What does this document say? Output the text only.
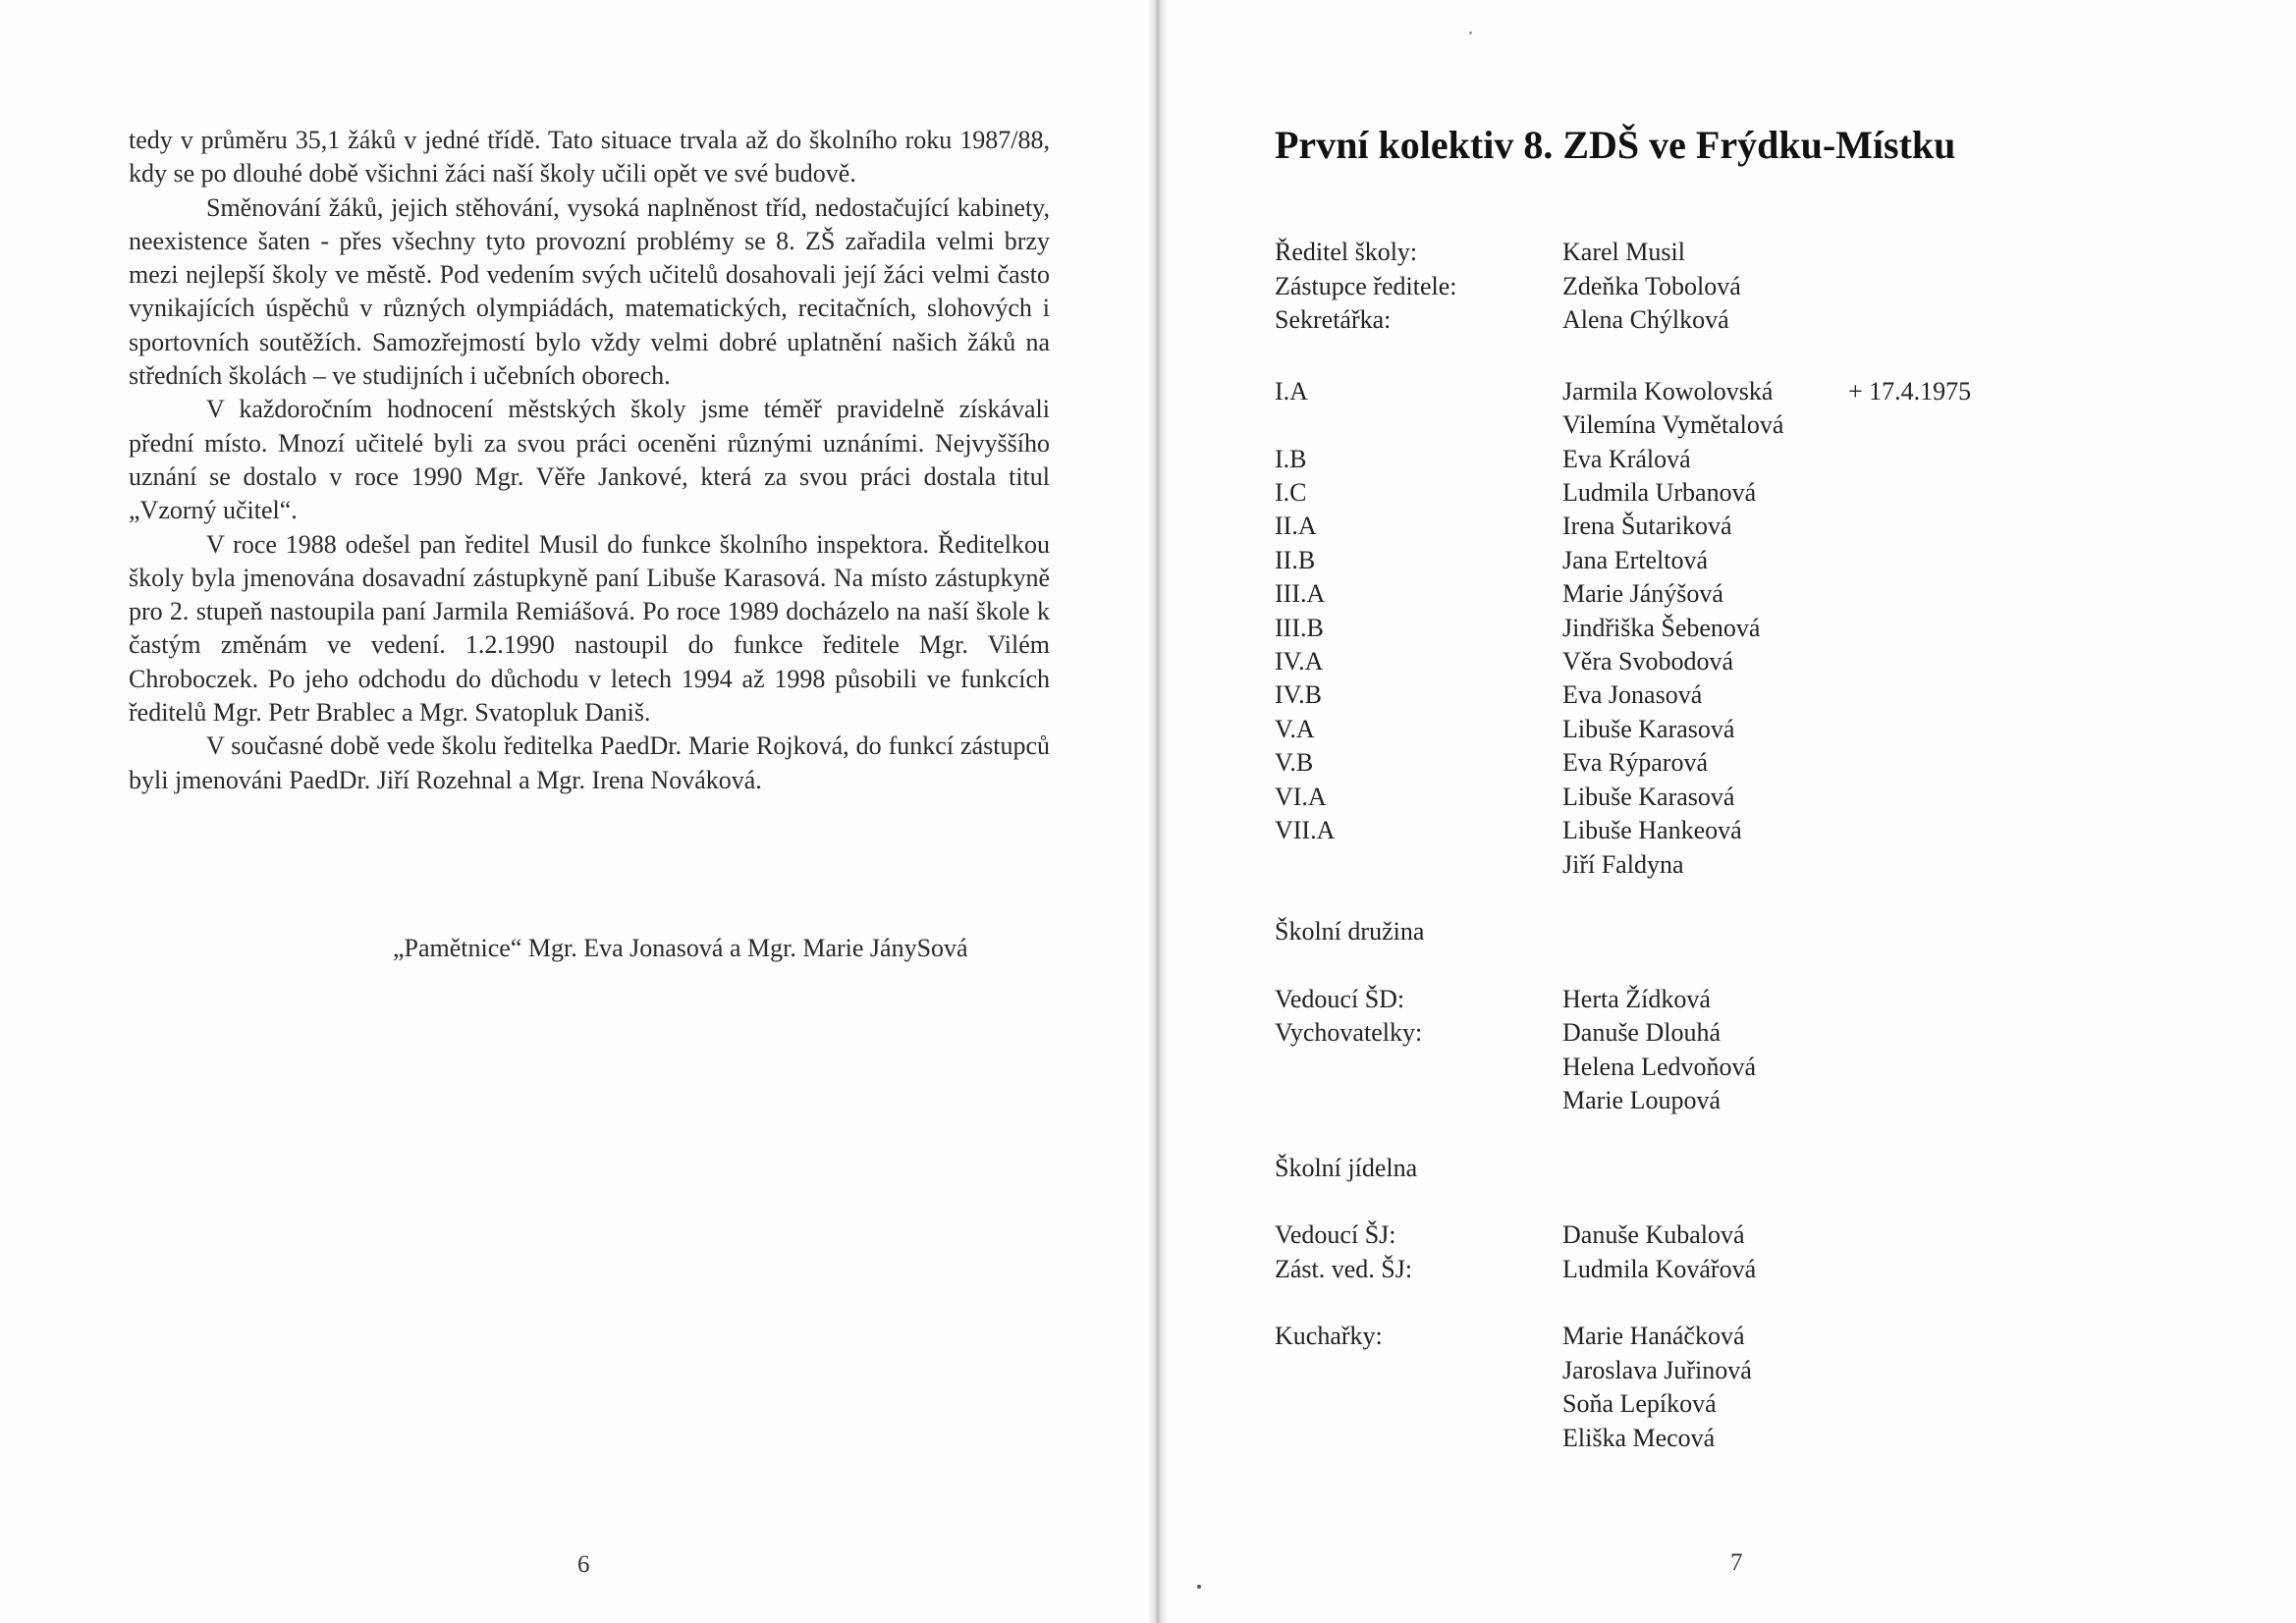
tedy v průměru 35,1 žáků v jedné třídě. Tato situace trvala až do školního roku 1987/88, kdy se po dlouhé době všichni žáci naší školy učili opět ve své budově.

Směnování žáků, jejich stěhování, vysoká naplněnost tříd, nedostačující kabinety, neexistence šaten - přes všechny tyto provozní problémy se 8. ZŠ zařadila velmi brzy mezi nejlepší školy ve městě. Pod vedením svých učitelů dosahovali její žáci velmi často vynikajících úspěchů v různých olympiádách, matematických, recitačních, slohových i sportovních soutěžích. Samozřejmostí bylo vždy velmi dobré uplatnění našich žáků na středních školách – ve studijních i učebních oborech.

V každoročním hodnocení městských školy jsme téměř pravidelně získávali přední místo. Mnozí učitelé byli za svou práci oceněni různými uznáními. Nejvyššího uznání se dostalo v roce 1990 Mgr. Věře Jankové, která za svou práci dostala titul „Vzorný učitel“.

V roce 1988 odešel pan ředitel Musil do funkce školního inspektora. Ředitelkou školy byla jmenována dosavadní zástupkyně paní Libuše Karasová. Na místo zástupkyně pro 2. stupeň nastoupila paní Jarmila Remiášová. Po roce 1989 docházelo na naší škole k častým změnám ve vedení. 1.2.1990 nastoupil do funkce ředitele Mgr. Vilém Chroboczek. Po jeho odchodu do důchodu v letech 1994 až 1998 působili ve funkcích ředitelů Mgr. Petr Brablec a Mgr. Svatopluk Daniš.

V současné době vede školu ředitelka PaedDr. Marie Rojková, do funkcí zástupců byli jmenováni PaedDr. Jiří Rozehnal a Mgr. Irena Nováková.

„Pamětnice“ Mgr. Eva Jonasová a Mgr. Marie JánySová
6
První kolektiv 8. ZDŠ ve Frýdku-Místku
Ředitel školy:	Karel Musil
Zástupce ředitele:	Zdeňka Tobolová
Sekretářka:	Alena Chýlková
I.A	Jarmila Kowolovská	+ 17.4.1975
Vilemína Vymětalová
I.B	Eva Králová
I.C	Ludmila Urbanová
II.A	Irena Šutariková
II.B	Jana Erteltová
III.A	Marie Jánýšová
III.B	Jindřiška Šebenová
IV.A	Věra Svobodová
IV.B	Eva Jonasová
V.A	Libuše Karasová
V.B	Eva Rýparová
VI.A	Libuše Karasová
VII.A	Libuše Hankeová
Jiří Faldyna
Školní družina
Vedoucí ŠD:	Herta Žídková
Vychovatelky:	Danuše Dlouhá
Helena Ledvoňová
Marie Loupová
Školní jídelna
Vedoucí ŠJ:	Danuše Kubalová
Zást. ved. ŠJ:	Ludmila Kovářová
Kuchařky:	Marie Hanáčková
Jaroslava Juřinová
Soňa Lepíková
Eliška Mecová
7
